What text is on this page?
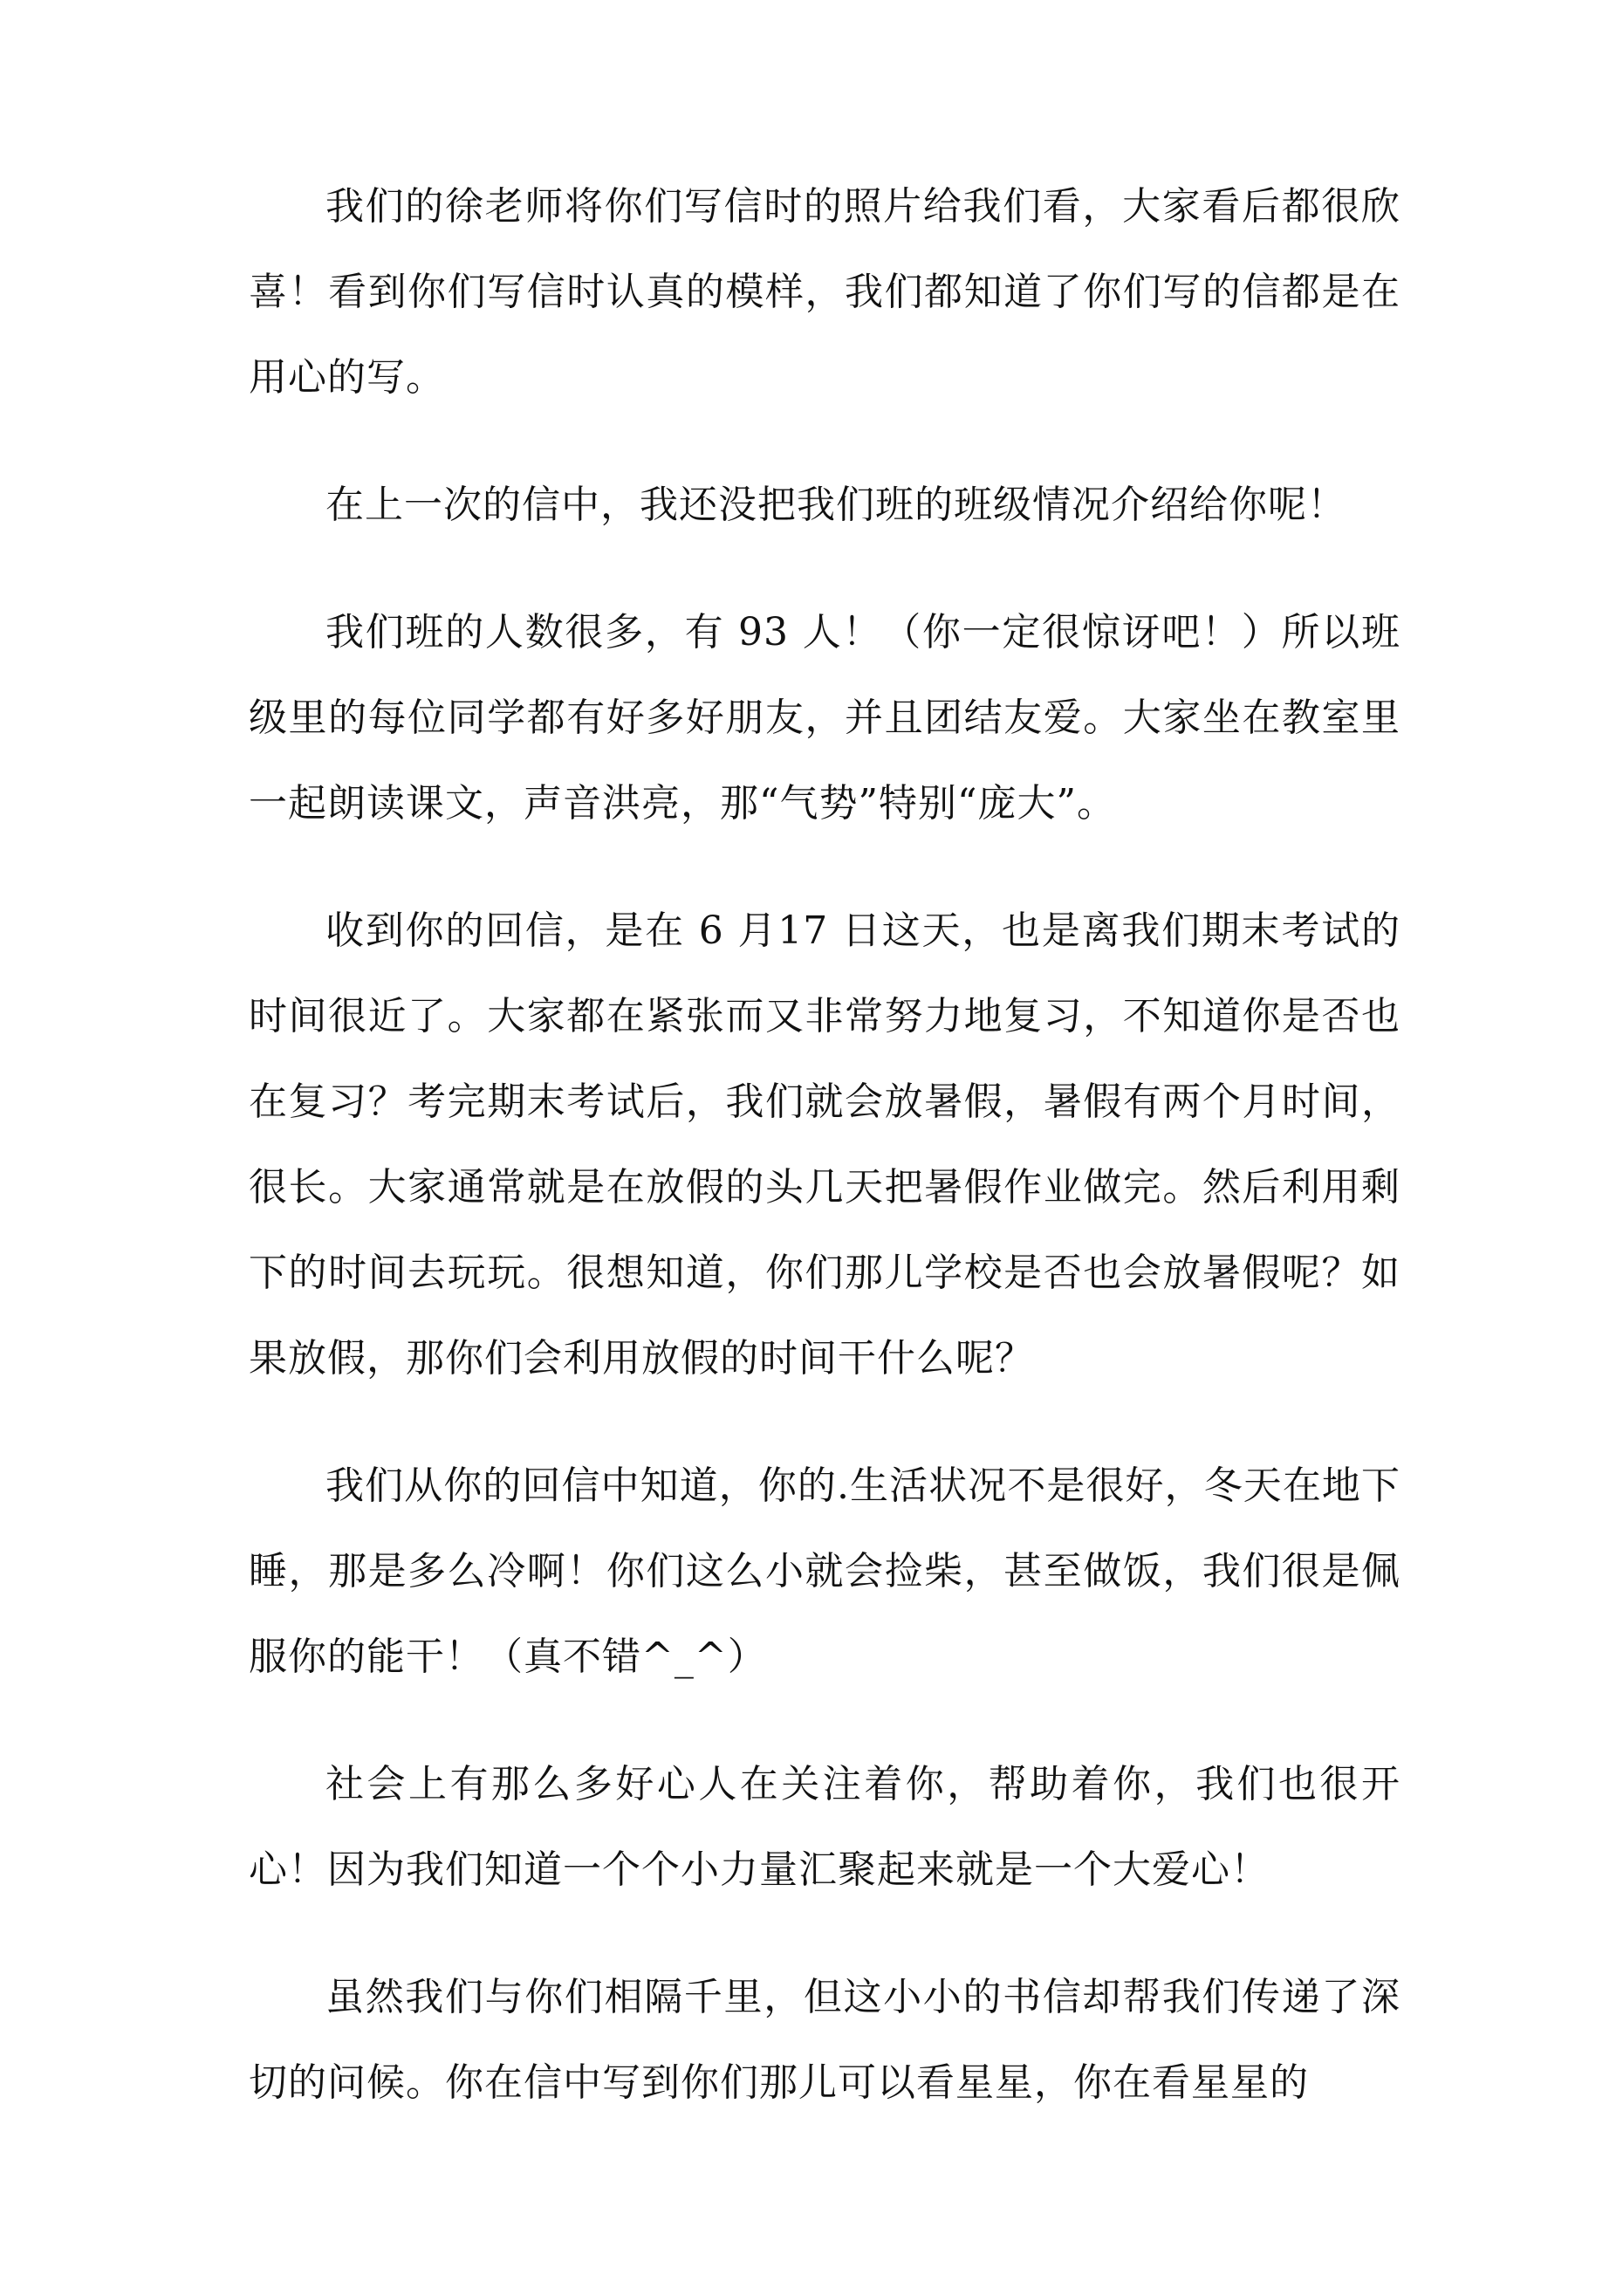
我们的徐老师将你们写信时的照片给我们看，大家看后都很欣喜！看到你们写信时认真的模样，我们都知道了你们写的信都是在用心的写。

在上一次的信中，我还没把我们班的班级情况介绍给你呢！

我们班的人数很多，有 93 人！（你一定很惊讶吧！）所以班级里的每位同学都有好多好朋友，并且团结友爱。大家坐在教室里一起朗读课文，声音洪亮，那“气势”特别“庞大”。

收到你的回信，是在 6 月17 日这天，也是离我们期末考试的时间很近了。大家都在紧张而又非常努力地复习，不知道你是否也在复习？考完期末考试后，我们就会放暑假，暑假有两个月时间，很长。大家通常就是在放假的头几天把暑假作业做完。然后利用剩下的时间去玩玩。很想知道，你们那儿学校是否也会放暑假呢？如果放假，那你们会利用放假的时间干什么呢？

我们从你的回信中知道，你的.生活状况不是很好，冬天在地下睡，那是多么冷啊！你们这么小就会捡柴，甚至做饭，我们很是佩服你的能干！（真不错^_^）

社会上有那么多好心人在关注着你，帮助着你，我们也很开心！因为我们知道一个个小力量汇聚起来就是一个大爱心！

虽然我们与你们相隔千里，但这小小的书信却帮我们传递了深切的问候。你在信中写到你们那儿可以看星星，你在看星星的
